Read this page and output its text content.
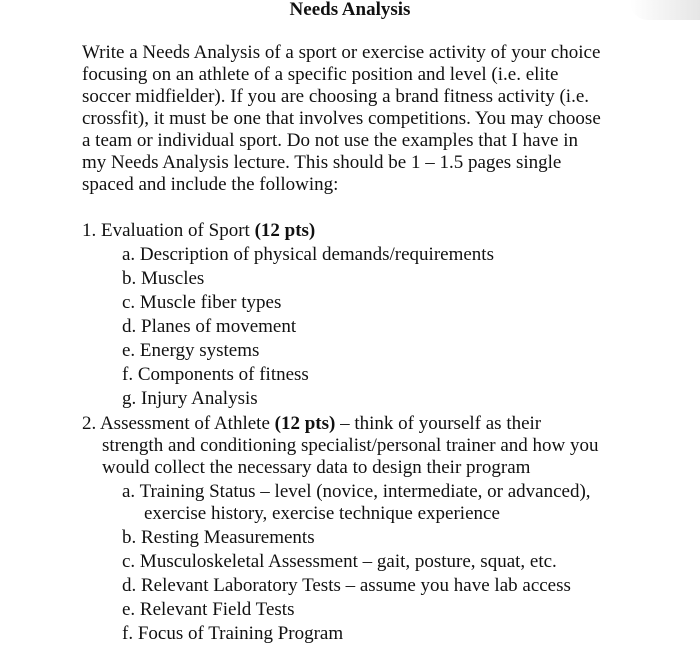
Needs Analysis
Write a Needs Analysis of a sport or exercise activity of your choice
focusing on an athlete of a specific position and level (i.e. elite
soccer midfielder). If you are choosing a brand fitness activity (i.e.
crossfit), it must be one that involves competitions. You may choose
a team or individual sport. Do not use the examples that I have in
my Needs Analysis lecture. This should be 1 – 1.5 pages single
spaced and include the following:
1. Evaluation of Sport (12 pts)
a. Description of physical demands/requirements
b. Muscles
c. Muscle fiber types
d. Planes of movement
e. Energy systems
f. Components of fitness
g. Injury Analysis
2. Assessment of Athlete (12 pts) – think of yourself as their
strength and conditioning specialist/personal trainer and how you
would collect the necessary data to design their program
a. Training Status – level (novice, intermediate, or advanced),
exercise history, exercise technique experience
b. Resting Measurements
c. Musculoskeletal Assessment – gait, posture, squat, etc.
d. Relevant Laboratory Tests – assume you have lab access
e. Relevant Field Tests
f. Focus of Training Program
